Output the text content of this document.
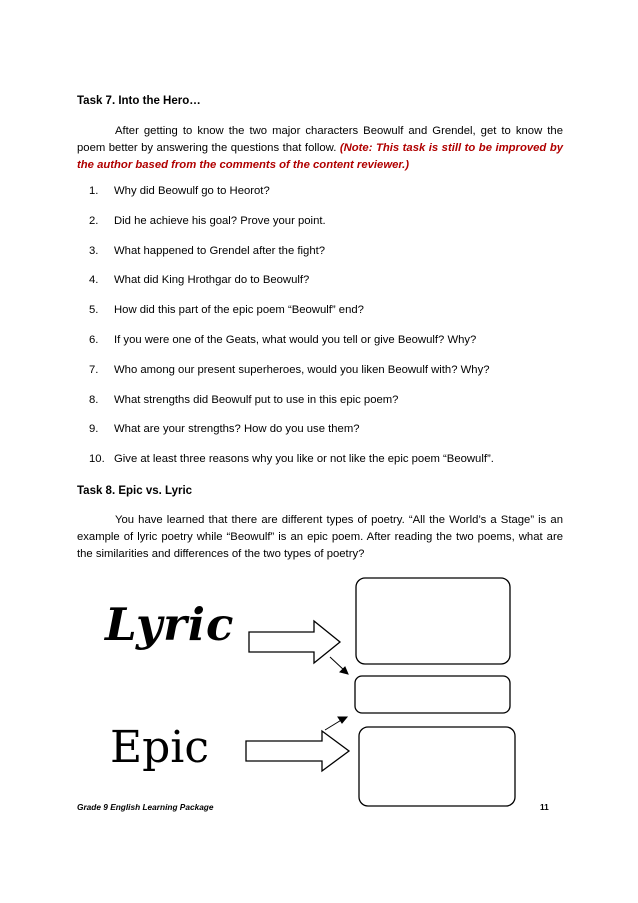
Task 7. Into the Hero…

After getting to know the two major characters Beowulf and Grendel, get to know the poem better by answering the questions that follow. (Note: This task is still to be improved by the author based from the comments of the content reviewer.)

1.	Why did Beowulf go to Heorot?
2.	Did he achieve his goal? Prove your point.
3.	What happened to Grendel after the fight?
4.	What did King Hrothgar do to Beowulf?
5.	How did this part of the epic poem “Beowulf” end?
6.	If you were one of the Geats, what would you tell or give Beowulf? Why?
7.	Who among our present superheroes, would you liken Beowulf with? Why?
8.	What strengths did Beowulf put to use in this epic poem?
9.	What are your strengths? How do you use them?
10. Give at least three reasons why you like or not like the epic poem “Beowulf”.
Task 8. Epic vs. Lyric

You have learned that there are different types of poetry. “All the World’s a Stage” is an example of lyric poetry while “Beowulf” is an epic poem. After reading the two poems, what are the similarities and differences of the two types of poetry?

Lyric
Epic
Grade 9 English Learning Package	11
